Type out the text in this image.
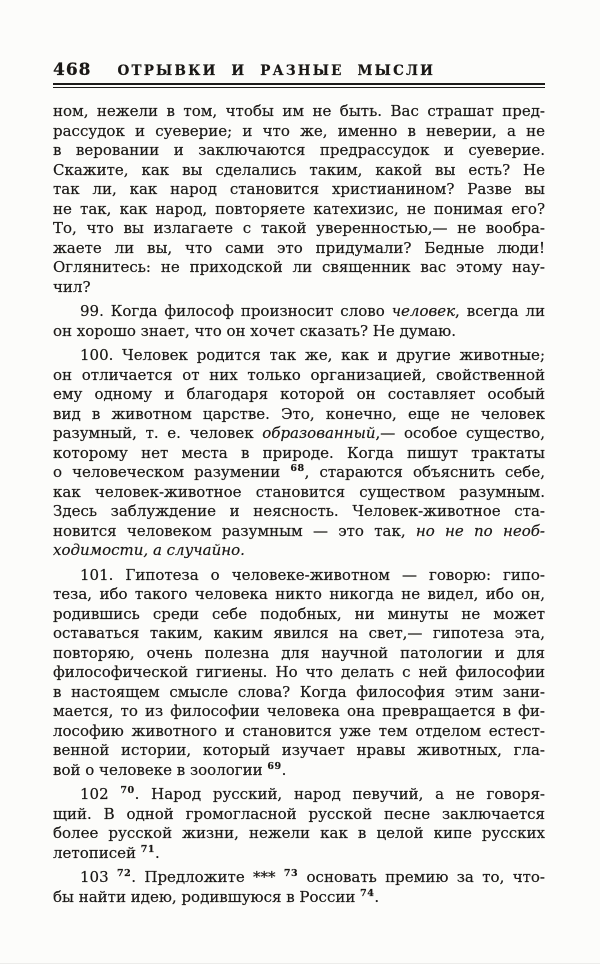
468 ОТРЫВКИ И РАЗНЫЕ МЫСЛИ
ном, нежели в том, чтобы им не быть. Вас страшат пред-
рассудок и суеверие; и что же, именно в неверии, а не
в веровании и заключаются предрассудок и суеверие.
Скажите, как вы сделались таким, какой вы есть? Не
так ли, как народ становится христианином? Разве вы
не так, как народ, повторяете катехизис, не понимая его?
То, что вы излагаете с такой уверенностью,— не вообра-
жаете ли вы, что сами это придумали? Бедные люди!
Оглянитесь: не приходской ли священник вас этому нау-
чил?
99. Когда философ произносит слово человек, всегда ли
он хорошо знает, что он хочет сказать? Не думаю.
100. Человек родится так же, как и другие животные;
он отличается от них только организацией, свойственной
ему одному и благодаря которой он составляет особый
вид в животном царстве. Это, конечно, еще не человек
разумный, т. е. человек образованный,— особое существо,
которому нет места в природе. Когда пишут трактаты
о человеческом разумении $^{68}$, стараются объяснить себе,
как человек-животное становится существом разумным.
Здесь заблуждение и неясность. Человек-животное ста-
новится человеком разумным — это так, но не по необ-
ходимости, а случайно.
101. Гипотеза о человеке-животном — говорю: гипо-
теза, ибо такого человека никто никогда не видел, ибо он,
родившись среди себе подобных, ни минуты не может
оставаться таким, каким явился на свет,— гипотеза эта,
повторяю, очень полезна для научной патологии и для
философической гигиены. Но что делать с ней философии
в настоящем смысле слова? Когда философия этим зани-
мается, то из философии человека она превращается в фи-
лософию животного и становится уже тем отделом естест-
венной истории, который изучает нравы животных, гла-
вой о человеке в зоологии $^{69}$.
102 $^{70}$. Народ русский, народ певучий, а не говоря-
щий. В одной громогласной русской песне заключается
более русской жизни, нежели как в целой кипе русских
летописей $^{71}$.
103 $^{72}$. Предложите *** $^{73}$ основать премию за то, что-
бы найти идею, родившуюся в России $^{74}$.
